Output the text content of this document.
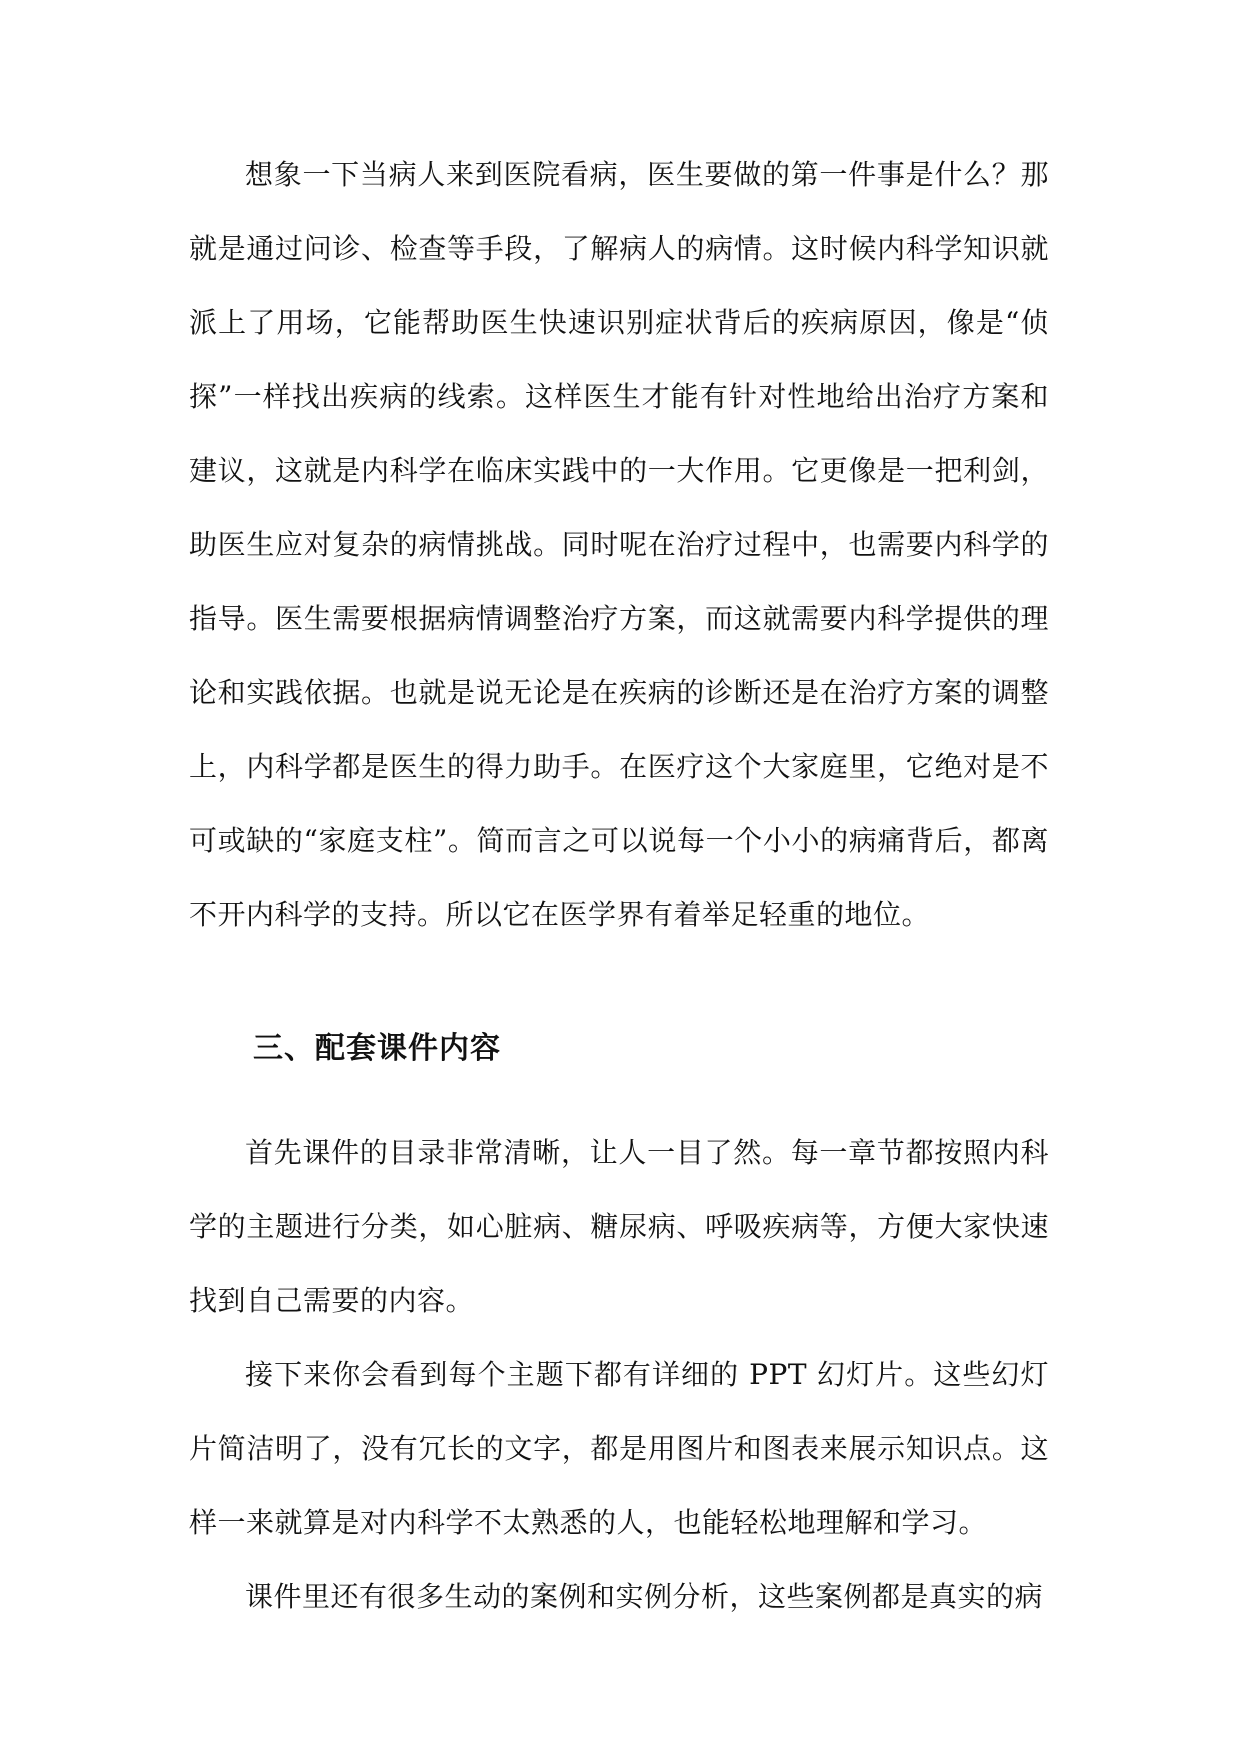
想象一下当病人来到医院看病，医生要做的第一件事是什么？那就是通过问诊、检查等手段，了解病人的病情。这时候内科学知识就派上了用场，它能帮助医生快速识别症状背后的疾病原因，像是“侦探”一样找出疾病的线索。这样医生才能有针对性地给出治疗方案和建议，这就是内科学在临床实践中的一大作用。它更像是一把利剑，助医生应对复杂的病情挑战。同时呢在治疗过程中，也需要内科学的指导。医生需要根据病情调整治疗方案，而这就需要内科学提供的理论和实践依据。也就是说无论是在疾病的诊断还是在治疗方案的调整上，内科学都是医生的得力助手。在医疗这个大家庭里，它绝对是不可或缺的“家庭支柱”。简而言之可以说每一个小小的病痛背后，都离不开内科学的支持。所以它在医学界有着举足轻重的地位。

三、配套课件内容

首先课件的目录非常清晰，让人一目了然。每一章节都按照内科学的主题进行分类，如心脏病、糖尿病、呼吸疾病等，方便大家快速找到自己需要的内容。

接下来你会看到每个主题下都有详细的 PPT 幻灯片。这些幻灯片简洁明了，没有冗长的文字，都是用图片和图表来展示知识点。这样一来就算是对内科学不太熟悉的人，也能轻松地理解和学习。

课件里还有很多生动的案例和实例分析，这些案例都是真实的病
